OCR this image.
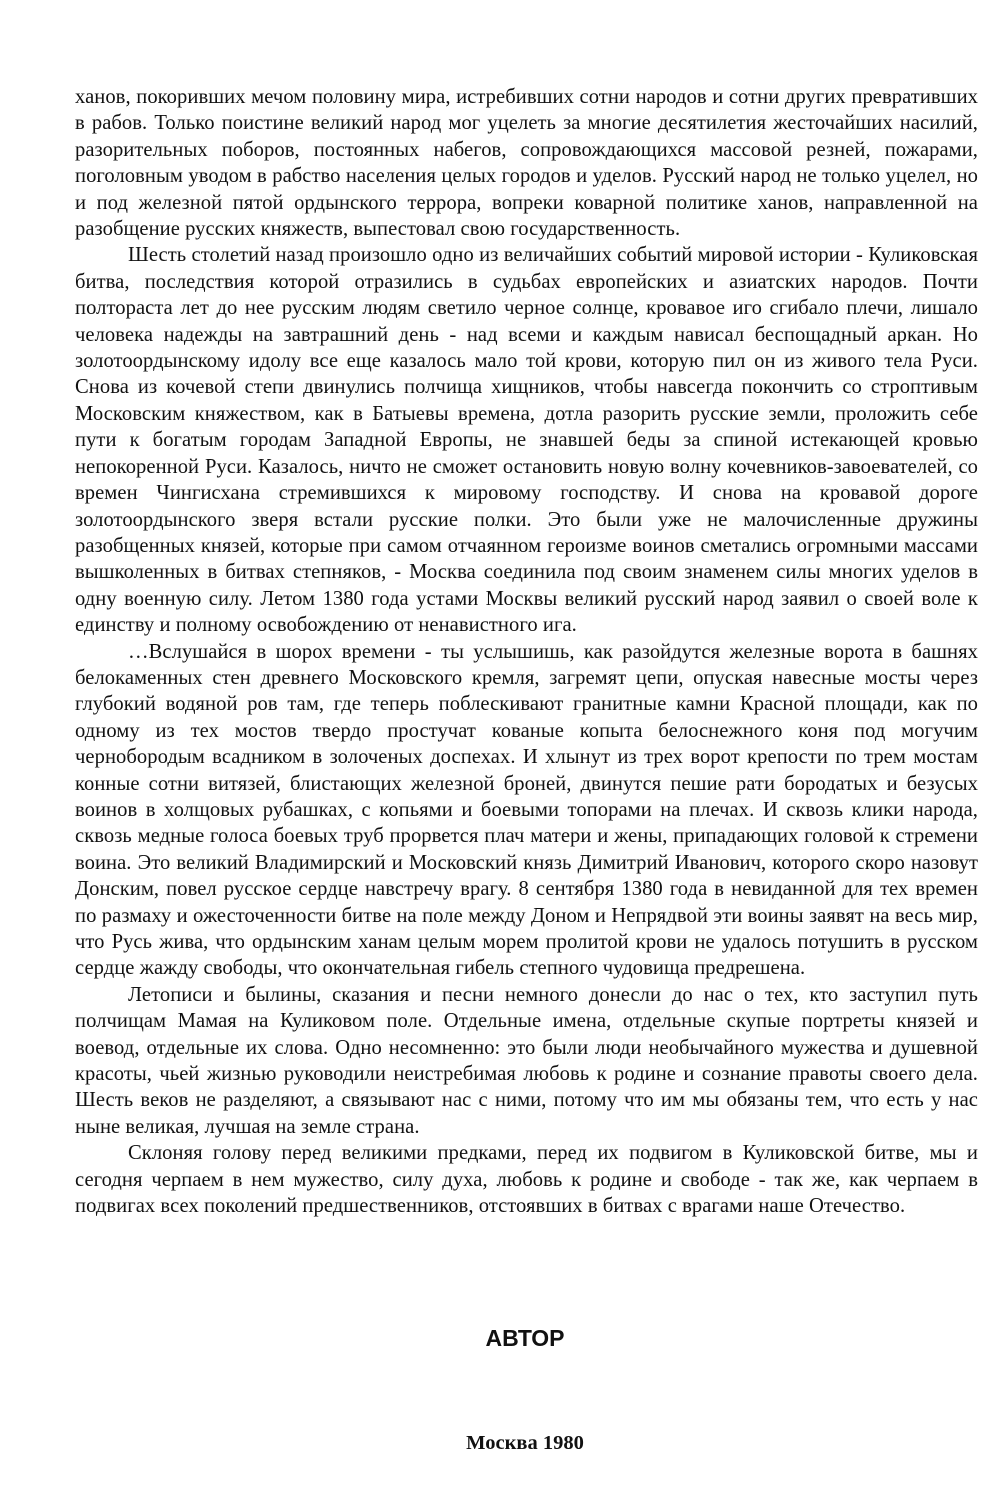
ханов, покоривших мечом половину мира, истребивших сотни народов и сотни других превративших в рабов. Только поистине великий народ мог уцелеть за многие десятилетия жесточайших насилий, разорительных поборов, постоянных набегов, сопровождающихся массовой резней, пожарами, поголовным уводом в рабство населения целых городов и уделов. Русский народ не только уцелел, но и под железной пятой ордынского террора, вопреки коварной политике ханов, направленной на разобщение русских княжеств, выпестовал свою государственность.

Шесть столетий назад произошло одно из величайших событий мировой истории - Куликовская битва, последствия которой отразились в судьбах европейских и азиатских народов. Почти полтораста лет до нее русским людям светило черное солнце, кровавое иго сгибало плечи, лишало человека надежды на завтрашний день - над всеми и каждым нависал беспощадный аркан. Но золотоордынскому идолу все еще казалось мало той крови, которую пил он из живого тела Руси. Снова из кочевой степи двинулись полчища хищников, чтобы навсегда покончить со строптивым Московским княжеством, как в Батыевы времена, дотла разорить русские земли, проложить себе пути к богатым городам Западной Европы, не знавшей беды за спиной истекающей кровью непокоренной Руси. Казалось, ничто не сможет остановить новую волну кочевников-завоевателей, со времен Чингисхана стремившихся к мировому господству. И снова на кровавой дороге золотоордынского зверя встали русские полки. Это были уже не малочисленные дружины разобщенных князей, которые при самом отчаянном героизме воинов сметались огромными массами вышколенных в битвах степняков, - Москва соединила под своим знаменем силы многих уделов в одну военную силу. Летом 1380 года устами Москвы великий русский народ заявил о своей воле к единству и полному освобождению от ненавистного ига.

…Вслушайся в шорох времени - ты услышишь, как разойдутся железные ворота в башнях белокаменных стен древнего Московского кремля, загремят цепи, опуская навесные мосты через глубокий водяной ров там, где теперь поблескивают гранитные камни Красной площади, как по одному из тех мостов твердо простучат кованые копыта белоснежного коня под могучим чернобородым всадником в золоченых доспехах. И хлынут из трех ворот крепости по трем мостам конные сотни витязей, блистающих железной броней, двинутся пешие рати бородатых и безусых воинов в холщовых рубашках, с копьями и боевыми топорами на плечах. И сквозь клики народа, сквозь медные голоса боевых труб прорвется плач матери и жены, припадающих головой к стремени воина. Это великий Владимирский и Московский князь Димитрий Иванович, которого скоро назовут Донским, повел русское сердце навстречу врагу. 8 сентября 1380 года в невиданной для тех времен по размаху и ожесточенности битве на поле между Доном и Непрядвой эти воины заявят на весь мир, что Русь жива, что ордынским ханам целым морем пролитой крови не удалось потушить в русском сердце жажду свободы, что окончательная гибель степного чудовища предрешена.

Летописи и былины, сказания и песни немного донесли до нас о тех, кто заступил путь полчищам Мамая на Куликовом поле. Отдельные имена, отдельные скупые портреты князей и воевод, отдельные их слова. Одно несомненно: это были люди необычайного мужества и душевной красоты, чьей жизнью руководили неистребимая любовь к родине и сознание правоты своего дела. Шесть веков не разделяют, а связывают нас с ними, потому что им мы обязаны тем, что есть у нас ныне великая, лучшая на земле страна.

Склоняя голову перед великими предками, перед их подвигом в Куликовской битве, мы и сегодня черпаем в нем мужество, силу духа, любовь к родине и свободе - так же, как черпаем в подвигах всех поколений предшественников, отстоявших в битвах с врагами наше Отечество.

АВТОР
Москва 1980
